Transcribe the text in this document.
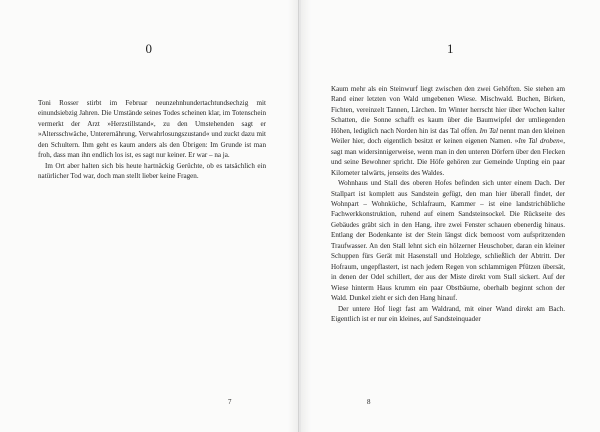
0

Toni Rosser stirbt im Februar neunzehnhundertachtundsechzig mit einundsiebzig Jahren. Die Umstände seines Todes scheinen klar, im Totenschein vermerkt der Arzt »Herzstillstand«, zu den Umstehenden sagt er »Altersschwäche, Unterernährung, Verwahrlosungszustand« und zuckt dazu mit den Schultern. Ihm geht es kaum anders als den Übrigen: Im Grunde ist man froh, dass man ihn endlich los ist, es sagt nur keiner. Er war – na ja.

Im Ort aber halten sich bis heute hartnäckig Gerüchte, ob es tatsächlich ein natürlicher Tod war, doch man stellt lieber keine Fragen.

7
1

Kaum mehr als ein Steinwurf liegt zwischen den zwei Gehöften. Sie stehen am Rand einer letzten von Wald umgebenen Wiese. Mischwald. Buchen, Birken, Fichten, vereinzelt Tannen, Lärchen. Im Winter herrscht hier über Wochen kalter Schatten, die Sonne schafft es kaum über die Baumwipfel der umliegenden Höhen, lediglich nach Norden hin ist das Tal offen. Im Tal nennt man den kleinen Weiler hier, doch eigentlich besitzt er keinen eigenen Namen. »Im Tal droben«, sagt man widersinnigerweise, wenn man in den unteren Dörfern über den Flecken und seine Bewohner spricht. Die Höfe gehören zur Gemeinde Unpting ein paar Kilometer talwärts, jenseits des Waldes.

Wohnhaus und Stall des oberen Hofes befinden sich unter einem Dach. Der Stallpart ist komplett aus Sandstein gefügt, den man hier überall findet, der Wohnpart – Wohnküche, Schlafraum, Kammer – ist eine landstrichübliche Fachwerkkonstruktion, ruhend auf einem Sandsteinsockel. Die Rückseite des Gebäudes gräbt sich in den Hang, ihre zwei Fenster schauen ebenerdig hinaus. Entlang der Bodenkante ist der Stein längst dick bemoost vom aufspritzenden Traufwasser. An den Stall lehnt sich ein hölzerner Heuschober, daran ein kleiner Schuppen fürs Gerät mit Hasenstall und Holzlege, schließlich der Abtritt. Der Hofraum, ungepflastert, ist nach jedem Regen von schlammigen Pfützen übersät, in denen der Odel schillert, der aus der Miste direkt vom Stall sickert. Auf der Wiese hinterm Haus krumm ein paar Obstbäume, oberhalb beginnt schon der Wald. Dunkel zieht er sich den Hang hinauf.

Der untere Hof liegt fast am Waldrand, mit einer Wand direkt am Bach. Eigentlich ist er nur ein kleines, auf Sandsteinquader

8
